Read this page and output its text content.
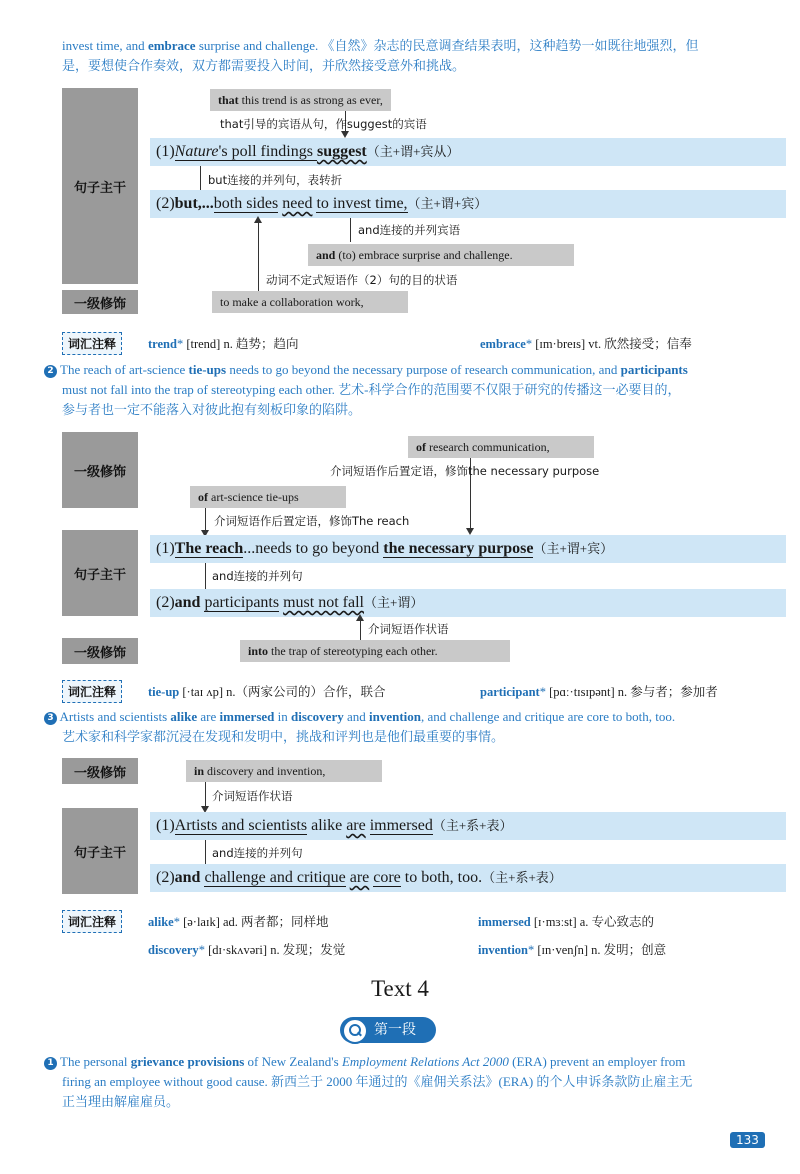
invest time, and embrace surprise and challenge. 《自然》杂志的民意调查结果表明，这种趋势一如既往地强烈，但
是，要想使合作奏效，双方都需要投入时间，并欣然接受意外和挑战。
句子主干
一级修饰
that this trend is as strong as ever,
that引导的宾语从句，作suggest的宾语
(1)Nature's poll findings suggest（主+谓+宾从）
but连接的并列句，表转折
(2)but,...both sides need to invest time,（主+谓+宾）
and连接的并列宾语
and (to) embrace surprise and challenge.
动词不定式短语作（2）句的目的状语
to make a collaboration work,
词汇注释	trend* [trend] n. 趋势；趋向	embrace* [ɪm·breɪs] vt. 欣然接受；信奉
2 The reach of art-science tie-ups needs to go beyond the necessary purpose of research communication, and participants
must not fall into the trap of stereotyping each other. 艺术-科学合作的范围要不仅限于研究的传播这一必要目的，
参与者也一定不能落入对彼此抱有刻板印象的陷阱。
一级修饰
句子主干
一级修饰
of research communication,
介词短语作后置定语，修饰the necessary purpose
of art-science tie-ups
介词短语作后置定语，修饰The reach
(1)The reach...needs to go beyond the necessary purpose（主+谓+宾）
and连接的并列句
(2)and participants must not fall（主+谓）
介词短语作状语
into the trap of stereotyping each other.
词汇注释	tie-up [·taɪ ʌp] n.（两家公司的）合作，联合	participant* [pɑː·tɪsɪpənt] n. 参与者；参加者
3 Artists and scientists alike are immersed in discovery and invention, and challenge and critique are core to both, too.
艺术家和科学家都沉浸在发现和发明中，挑战和评判也是他们最重要的事情。
一级修饰
句子主干
in discovery and invention,
介词短语作状语
(1)Artists and scientists alike are immersed（主+系+表）
and连接的并列句
(2)and challenge and critique are core to both, too.（主+系+表）
词汇注释	alike* [ə·laɪk] ad. 两者都；同样地	immersed [ɪ·mɜːst] a. 专心致志的
discovery* [dɪ·skʌvəri] n. 发现；发觉	invention* [ɪn·venʃn] n. 发明；创意
Text 4
第一段
1 The personal grievance provisions of New Zealand's Employment Relations Act 2000 (ERA) prevent an employer from
firing an employee without good cause. 新西兰于 2000 年通过的《雇佣关系法》(ERA) 的个人申诉条款防止雇主无
正当理由解雇雇员。
133
